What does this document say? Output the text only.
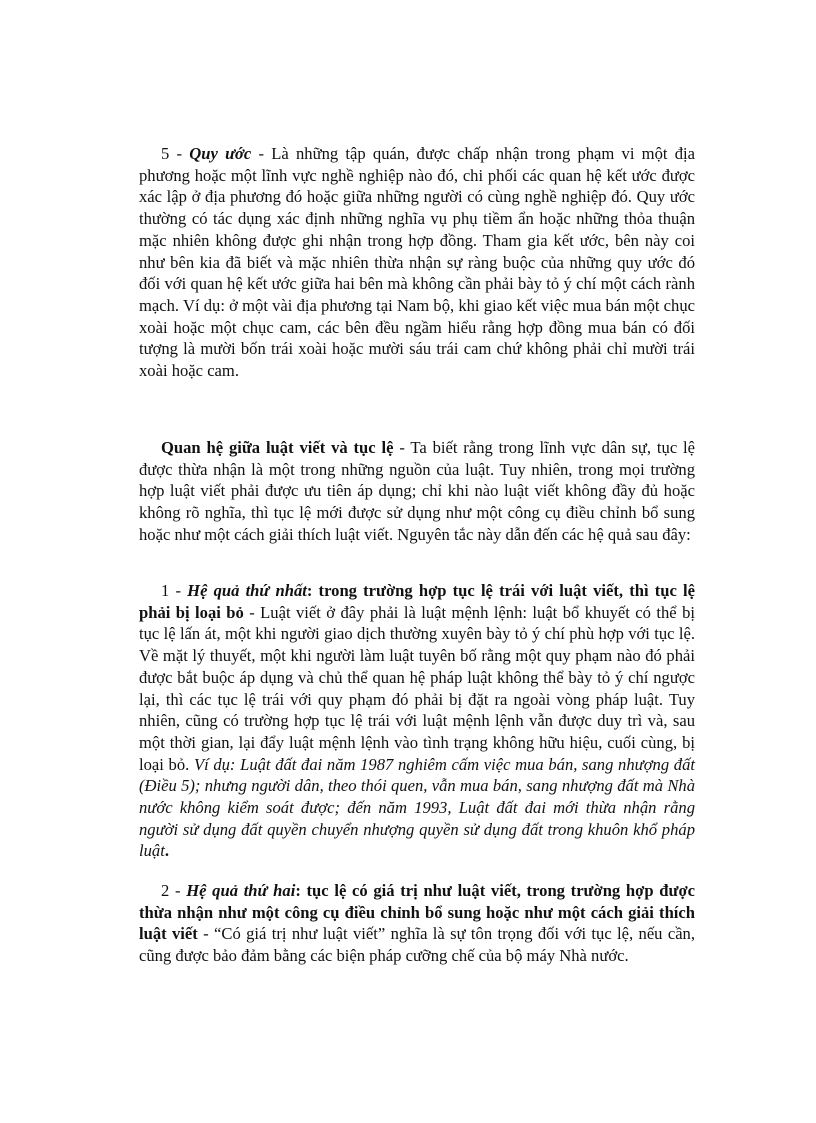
5 - Quy ước - Là những tập quán, được chấp nhận trong phạm vi một địa phương hoặc một lĩnh vực nghề nghiệp nào đó, chi phối các quan hệ kết ước được xác lập ở địa phương đó hoặc giữa những người có cùng nghề nghiệp đó. Quy ước thường có tác dụng xác định những nghĩa vụ phụ tiềm ẩn hoặc những thỏa thuận mặc nhiên không được ghi nhận trong hợp đồng. Tham gia kết ước, bên này coi như bên kia đã biết và mặc nhiên thừa nhận sự ràng buộc của những quy ước đó đối với quan hệ kết ước giữa hai bên mà không cần phải bày tỏ ý chí một cách rành mạch. Ví dụ: ở một vài địa phương tại Nam bộ, khi giao kết việc mua bán một chục xoài hoặc một chục cam, các bên đều ngầm hiểu rằng hợp đồng mua bán có đối tượng là mười bốn trái xoài hoặc mười sáu trái cam chứ không phải chỉ mười trái xoài hoặc cam.

Quan hệ giữa luật viết và tục lệ - Ta biết rằng trong lĩnh vực dân sự, tục lệ được thừa nhận là một trong những nguồn của luật. Tuy nhiên, trong mọi trường hợp luật viết phải được ưu tiên áp dụng; chỉ khi nào luật viết không đầy đủ hoặc không rõ nghĩa, thì tục lệ mới được sử dụng như một công cụ điều chỉnh bổ sung hoặc như một cách giải thích luật viết. Nguyên tắc này dẫn đến các hệ quả sau đây:

1 - Hệ quả thứ nhất: trong trường hợp tục lệ trái với luật viết, thì tục lệ phải bị loại bỏ - Luật viết ở đây phải là luật mệnh lệnh: luật bổ khuyết có thể bị tục lệ lấn át, một khi người giao dịch thường xuyên bày tỏ ý chí phù hợp với tục lệ. Về mặt lý thuyết, một khi người làm luật tuyên bố rằng một quy phạm nào đó phải được bắt buộc áp dụng và chủ thể quan hệ pháp luật không thể bày tỏ ý chí ngược lại, thì các tục lệ trái với quy phạm đó phải bị đặt ra ngoài vòng pháp luật. Tuy nhiên, cũng có trường hợp tục lệ trái với luật mệnh lệnh vẫn được duy trì và, sau một thời gian, lại đẩy luật mệnh lệnh vào tình trạng không hữu hiệu, cuối cùng, bị loại bỏ. Ví dụ: Luật đất đai năm 1987 nghiêm cấm việc mua bán, sang nhượng đất (Điều 5); nhưng người dân, theo thói quen, vẫn mua bán, sang nhượng đất mà Nhà nước không kiểm soát được; đến năm 1993, Luật đất đai mới thừa nhận rằng người sử dụng đất quyền chuyển nhượng quyền sử dụng đất trong khuôn khổ pháp luật.

2 - Hệ quả thứ hai: tục lệ có giá trị như luật viết, trong trường hợp được thừa nhận như một công cụ điều chỉnh bổ sung hoặc như một cách giải thích luật viết - “Có giá trị như luật viết” nghĩa là sự tôn trọng đối với tục lệ, nếu cần, cũng được bảo đảm bằng các biện pháp cưỡng chế của bộ máy Nhà nước.
